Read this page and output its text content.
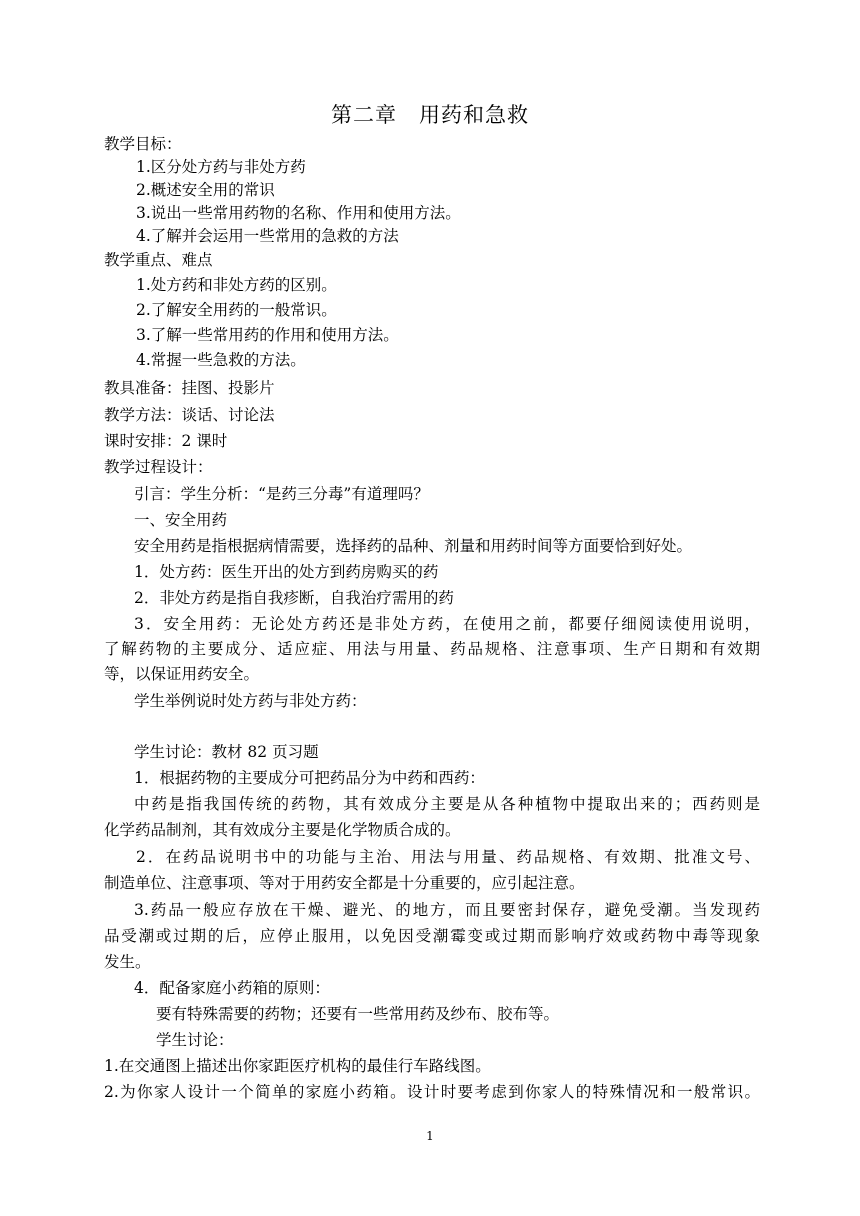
第二章　用药和急救
教学目标：
1.区分处方药与非处方药
2.概述安全用的常识
3.说出一些常用药物的名称、作用和使用方法。
4.了解并会运用一些常用的急救的方法
教学重点、难点
1.处方药和非处方药的区别。
2.了解安全用药的一般常识。
3.了解一些常用药的作用和使用方法。
4.常握一些急救的方法。
教具准备：挂图、投影片
教学方法：谈话、讨论法
课时安排：2 课时
教学过程设计：
引言：学生分析：“是药三分毒”有道理吗？
一、安全用药
安全用药是指根据病情需要，选择药的品种、剂量和用药时间等方面要恰到好处。
1．处方药：医生开出的处方到药房购买的药
2．非处方药是指自我疹断，自我治疗需用的药
3．安全用药：无论处方药还是非处方药，在使用之前，都要仔细阅读使用说明，
了解药物的主要成分、适应症、用法与用量、药品规格、注意事项、生产日期和有效期
等，以保证用药安全。
学生举例说时处方药与非处方药：
学生讨论：教材 82 页习题
1．根据药物的主要成分可把药品分为中药和西药：
中药是指我国传统的药物，其有效成分主要是从各种植物中提取出来的；西药则是
化学药品制剂，其有效成分主要是化学物质合成的。
2．在药品说明书中的功能与主治、用法与用量、药品规格、有效期、批准文号、
制造单位、注意事项、等对于用药安全都是十分重要的，应引起注意。
3.药品一般应存放在干燥、避光、的地方，而且要密封保存，避免受潮。当发现药
品受潮或过期的后，应停止服用，以免因受潮霉变或过期而影响疗效或药物中毒等现象
发生。
4．配备家庭小药箱的原则：
要有特殊需要的药物；还要有一些常用药及纱布、胶布等。
学生讨论：
1.在交通图上描述出你家距医疗机构的最佳行车路线图。
2.为你家人设计一个简单的家庭小药箱。设计时要考虑到你家人的特殊情况和一般常识。
1
